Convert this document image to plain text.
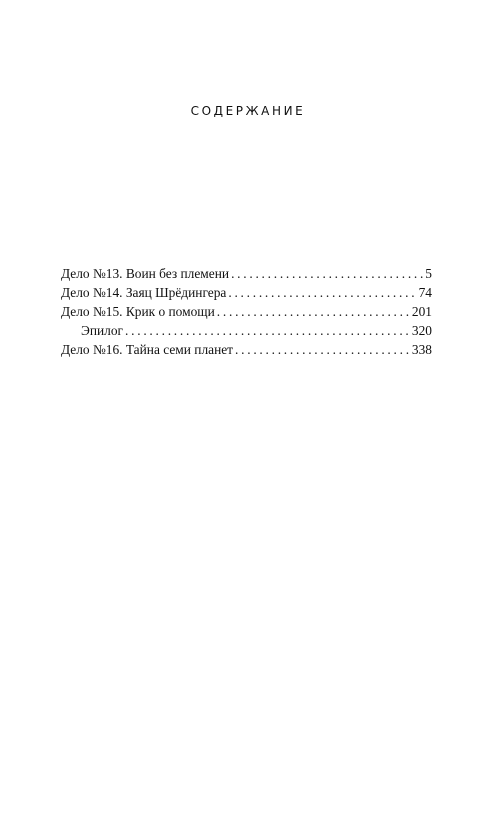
СОДЕРЖАНИЕ
Дело №13. Воин без племени . . .	5
Дело №14. Заяц Шрёдингера . . .	74
Дело №15. Крик о помощи . . .	201
Эпилог . . .	320
Дело №16. Тайна семи планет . . .	338
